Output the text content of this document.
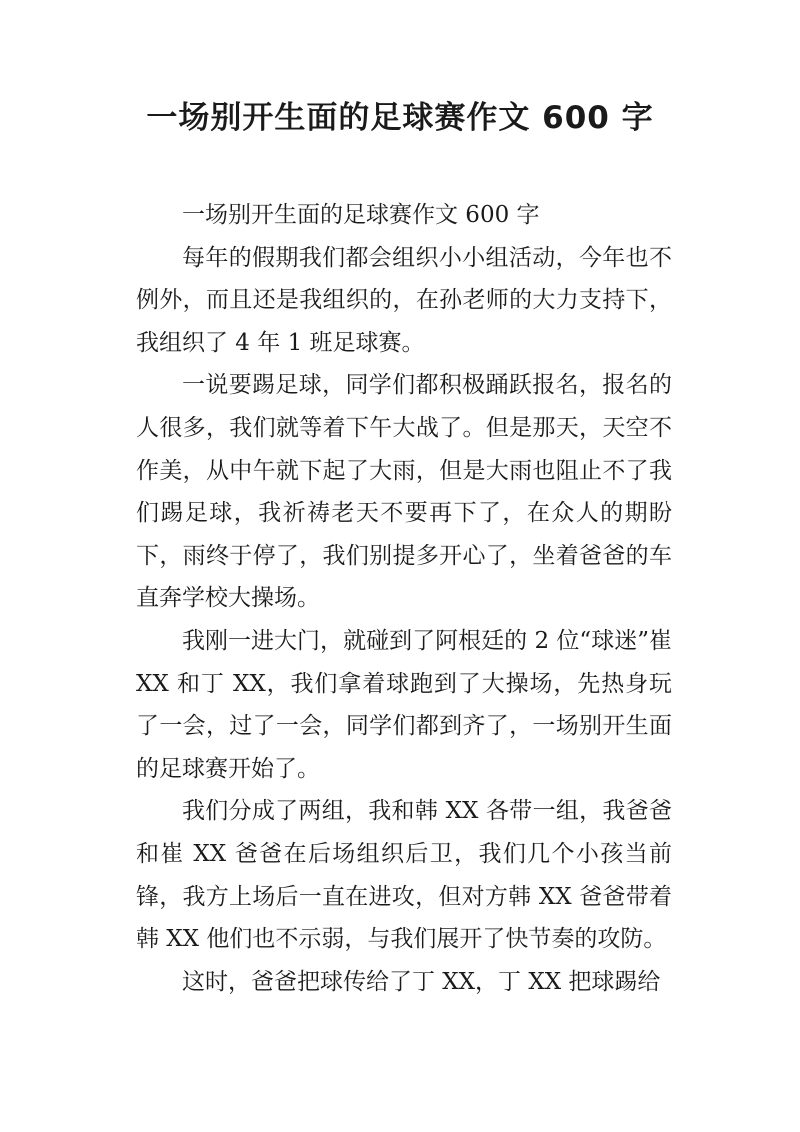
一场别开生面的足球赛作文 600 字

一场别开生面的足球赛作文 600 字

每年的假期我们都会组织小小组活动，今年也不例外，而且还是我组织的，在孙老师的大力支持下，我组织了 4 年 1 班足球赛。

一说要踢足球，同学们都积极踊跃报名，报名的人很多，我们就等着下午大战了。但是那天，天空不作美，从中午就下起了大雨，但是大雨也阻止不了我们踢足球，我祈祷老天不要再下了，在众人的期盼下，雨终于停了，我们别提多开心了，坐着爸爸的车直奔学校大操场。

我刚一进大门，就碰到了阿根廷的 2 位“球迷”崔 XX 和丁 XX，我们拿着球跑到了大操场，先热身玩了一会，过了一会，同学们都到齐了，一场别开生面的足球赛开始了。

我们分成了两组，我和韩 XX 各带一组，我爸爸和崔 XX 爸爸在后场组织后卫，我们几个小孩当前锋，我方上场后一直在进攻，但对方韩 XX 爸爸带着韩 XX 他们也不示弱，与我们展开了快节奏的攻防。

这时，爸爸把球传给了丁 XX，丁 XX 把球踢给
